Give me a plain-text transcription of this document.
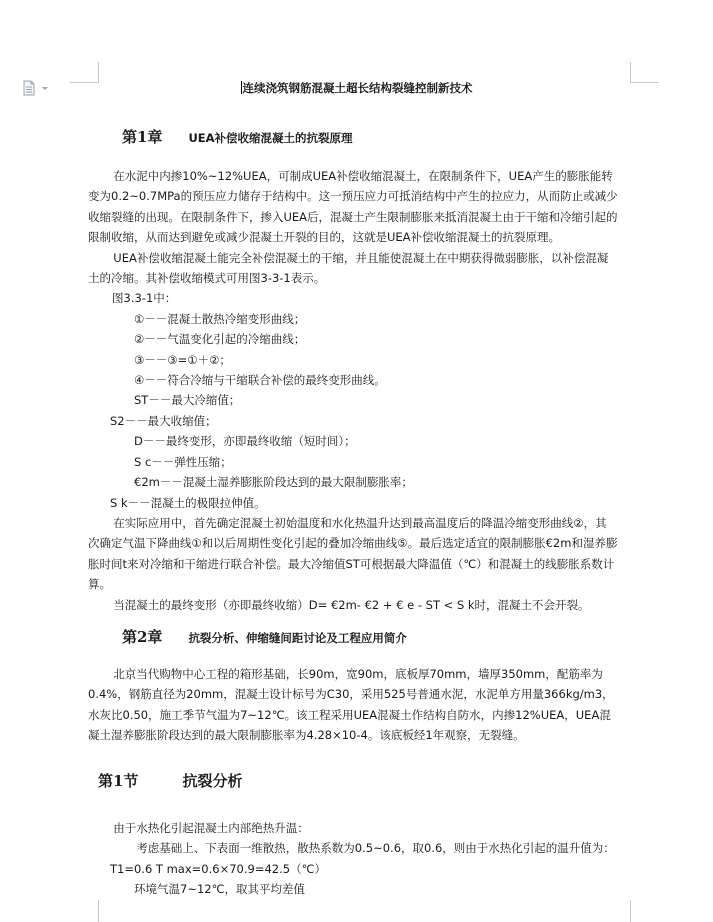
连续浇筑钢筋混凝土超长结构裂缝控制新技术
第1章 UEA补偿收缩混凝土的抗裂原理

在水泥中内掺10%~12%UEA，可制成UEA补偿收缩混凝土，在限制条件下，UEA产生的膨胀能转变为0.2~0.7MPa的预压应力储存于结构中。这一预压应力可抵消结构中产生的拉应力，从而防止或减少收缩裂缝的出现。在限制条件下，掺入UEA后，混凝土产生限制膨胀来抵消混凝土由于干缩和冷缩引起的限制收缩，从而达到避免或减少混凝土开裂的目的，这就是UEA补偿收缩混凝土的抗裂原理。

UEA补偿收缩混凝土能完全补偿混凝土的干缩，并且能使混凝土在中期获得微弱膨胀，以补偿混凝土的冷缩。其补偿收缩模式可用图3-3-1表示。

图3.3-1中：

①－－混凝土散热冷缩变形曲线；

②－－气温变化引起的冷缩曲线；

③－－③=①＋②；

④－－符合冷缩与干缩联合补偿的最终变形曲线。

ST－－最大冷缩值；

S2－－最大收缩值；

D－－最终变形，亦即最终收缩（短时间）；

S c－－弹性压缩；

€2m－－混凝土湿养膨胀阶段达到的最大限制膨胀率；

S k－－混凝土的极限拉伸值。

在实际应用中，首先确定混凝土初始温度和水化热温升达到最高温度后的降温冷缩变形曲线②，其次确定气温下降曲线①和以后周期性变化引起的叠加冷缩曲线⑤。最后选定适宜的限制膨胀€2m和湿养膨胀时间t来对冷缩和干缩进行联合补偿。最大冷缩值ST可根据最大降温值（℃）和混凝土的线膨胀系数计算。

当混凝土的最终变形（亦即最终收缩）D= €2m- €2 + € e - ST < S k时，混凝土不会开裂。

第2章 抗裂分析、伸缩缝间距讨论及工程应用简介

北京当代购物中心工程的箱形基础，长90m，宽90m，底板厚70mm，墙厚350mm，配筋率为0.4%，钢筋直径为20mm，混凝土设计标号为C30，采用525号普通水泥，水泥单方用量366kg/m3，水灰比0.50，施工季节气温为7~12℃。该工程采用UEA混凝土作结构自防水，内掺12%UEA，UEA混凝土湿养膨胀阶段达到的最大限制膨胀率为4.28×10-4。该底板经1年观察，无裂缝。

第1节	抗裂分析

由于水热化引起混凝土内部绝热升温：

考虑基础上、下表面一维散热，散热系数为0.5~0.6，取0.6，则由于水热化引起的温升值为：

T1=0.6 T max=0.6×70.9=42.5（℃）

环境气温7~12℃，取其平均差值
